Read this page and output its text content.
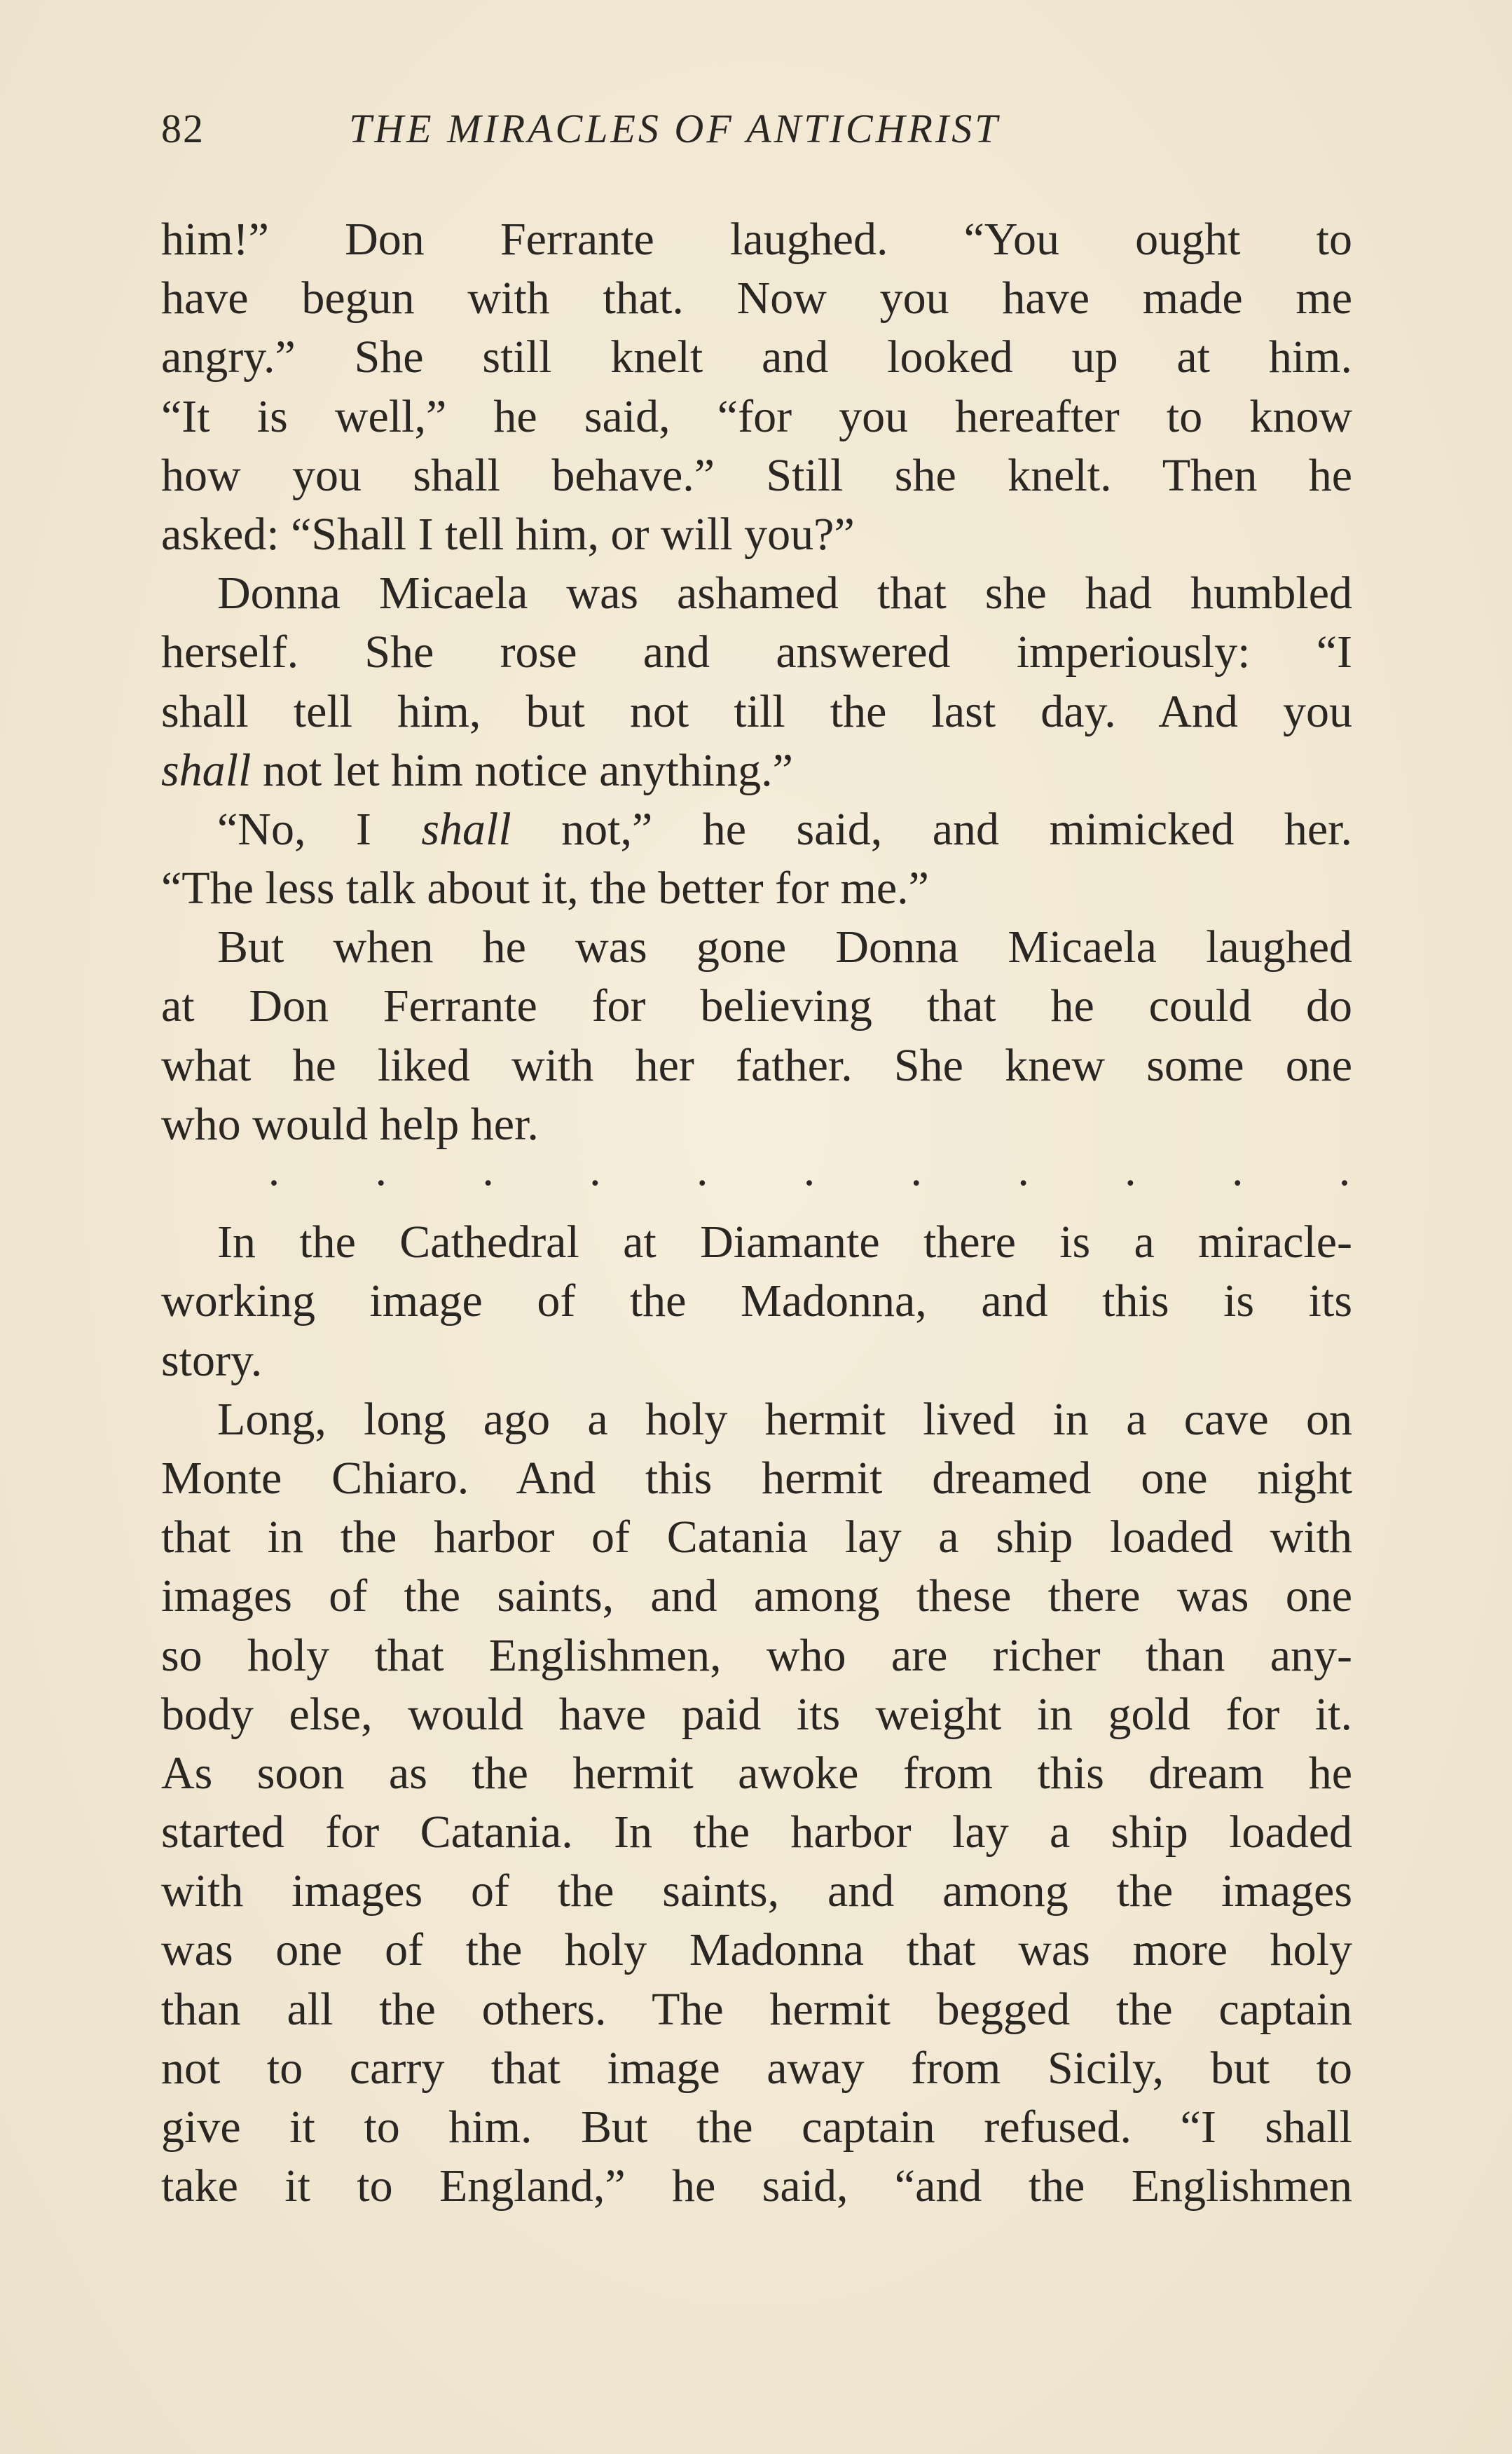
82	THE MIRACLES OF ANTICHRIST
him!” Don Ferrante laughed. “You ought to
have begun with that. Now you have made me
angry.” She still knelt and looked up at him.
“It is well,” he said, “for you hereafter to know
how you shall behave.” Still she knelt. Then he
asked: “Shall I tell him, or will you?”
Donna Micaela was ashamed that she had humbled
herself. She rose and answered imperiously: “I
shall tell him, but not till the last day. And you
shall not let him notice anything.”
“No, I shall not,” he said, and mimicked her.
“The less talk about it, the better for me.”
But when he was gone Donna Micaela laughed
at Don Ferrante for believing that he could do
what he liked with her father. She knew some one
who would help her.
· · · · · · · · · · ·
In the Cathedral at Diamante there is a miracle-
working image of the Madonna, and this is its
story.
Long, long ago a holy hermit lived in a cave on
Monte Chiaro. And this hermit dreamed one night
that in the harbor of Catania lay a ship loaded with
images of the saints, and among these there was one
so holy that Englishmen, who are richer than any-
body else, would have paid its weight in gold for it.
As soon as the hermit awoke from this dream he
started for Catania. In the harbor lay a ship loaded
with images of the saints, and among the images
was one of the holy Madonna that was more holy
than all the others. The hermit begged the captain
not to carry that image away from Sicily, but to
give it to him. But the captain refused. “I shall
take it to England,” he said, “and the Englishmen
